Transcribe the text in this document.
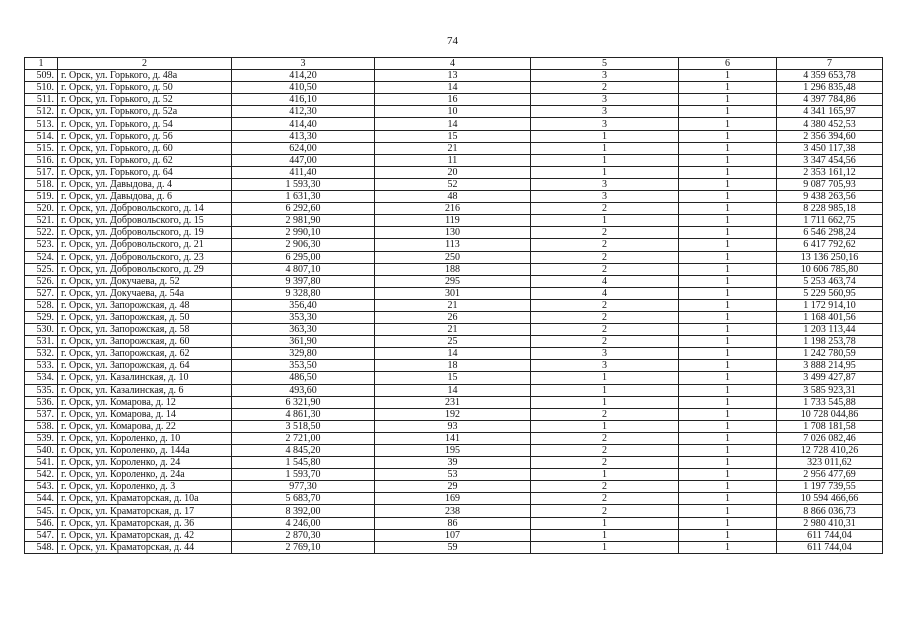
74
1	2	3	4	5	6	7
509.	г. Орск, ул. Горького, д. 48а	414,20	13	3	1	4 359 653,78
510.	г. Орск, ул. Горького, д. 50	410,50	14	2	1	1 296 835,48
511.	г. Орск, ул. Горького, д. 52	416,10	16	3	1	4 397 784,86
512.	г. Орск, ул. Горького, д. 52а	412,30	10	3	1	4 341 165,97
513.	г. Орск, ул. Горького, д. 54	414,40	14	3	1	4 380 452,53
514.	г. Орск, ул. Горького, д. 56	413,30	15	1	1	2 356 394,60
515.	г. Орск, ул. Горького, д. 60	624,00	21	1	1	3 450 117,38
516.	г. Орск, ул. Горького, д. 62	447,00	11	1	1	3 347 454,56
517.	г. Орск, ул. Горького, д. 64	411,40	20	1	1	2 353 161,12
518.	г. Орск, ул. Давыдова, д. 4	1 593,30	52	3	1	9 087 705,93
519.	г. Орск, ул. Давыдова, д. 6	1 631,30	48	3	1	9 438 263,56
520.	г. Орск, ул. Добровольского, д. 14	6 292,60	216	2	1	8 228 985,18
521.	г. Орск, ул. Добровольского, д. 15	2 981,90	119	1	1	1 711 662,75
522.	г. Орск, ул. Добровольского, д. 19	2 990,10	130	2	1	6 546 298,24
523.	г. Орск, ул. Добровольского, д. 21	2 906,30	113	2	1	6 417 792,62
524.	г. Орск, ул. Добровольского, д. 23	6 295,00	250	2	1	13 136 250,16
525.	г. Орск, ул. Добровольского, д. 29	4 807,10	188	2	1	10 606 785,80
526.	г. Орск, ул. Докучаева, д. 52	9 397,80	295	4	1	5 253 463,74
527.	г. Орск, ул. Докучаева, д. 54а	9 328,80	301	4	1	5 229 560,95
528.	г. Орск, ул. Запорожская, д. 48	356,40	21	2	1	1 172 914,10
529.	г. Орск, ул. Запорожская, д. 50	353,30	26	2	1	1 168 401,56
530.	г. Орск, ул. Запорожская, д. 58	363,30	21	2	1	1 203 113,44
531.	г. Орск, ул. Запорожская, д. 60	361,90	25	2	1	1 198 253,78
532.	г. Орск, ул. Запорожская, д. 62	329,80	14	3	1	1 242 780,59
533.	г. Орск, ул. Запорожская, д. 64	353,50	18	3	1	3 888 214,95
534.	г. Орск, ул. Казалинская, д. 10	486,50	15	1	1	3 499 427,87
535.	г. Орск, ул. Казалинская, д. 6	493,60	14	1	1	3 585 923,31
536.	г. Орск, ул. Комарова, д. 12	6 321,90	231	1	1	1 733 545,88
537.	г. Орск, ул. Комарова, д. 14	4 861,30	192	2	1	10 728 044,86
538.	г. Орск, ул. Комарова, д. 22	3 518,50	93	1	1	1 708 181,58
539.	г. Орск, ул. Короленко, д. 10	2 721,00	141	2	1	7 026 082,46
540.	г. Орск, ул. Короленко, д. 144а	4 845,20	195	2	1	12 728 410,26
541.	г. Орск, ул. Короленко, д. 24	1 545,80	39	2	1	323 011,62
542.	г. Орск, ул. Короленко, д. 24а	1 593,70	53	1	1	2 956 477,69
543.	г. Орск, ул. Короленко, д. 3	977,30	29	2	1	1 197 739,55
544.	г. Орск, ул. Краматорская, д. 10а	5 683,70	169	2	1	10 594 466,66
545.	г. Орск, ул. Краматорская, д. 17	8 392,00	238	2	1	8 866 036,73
546.	г. Орск, ул. Краматорская, д. 36	4 246,00	86	1	1	2 980 410,31
547.	г. Орск, ул. Краматорская, д. 42	2 870,30	107	1	1	611 744,04
548.	г. Орск, ул. Краматорская, д. 44	2 769,10	59	1	1	611 744,04
